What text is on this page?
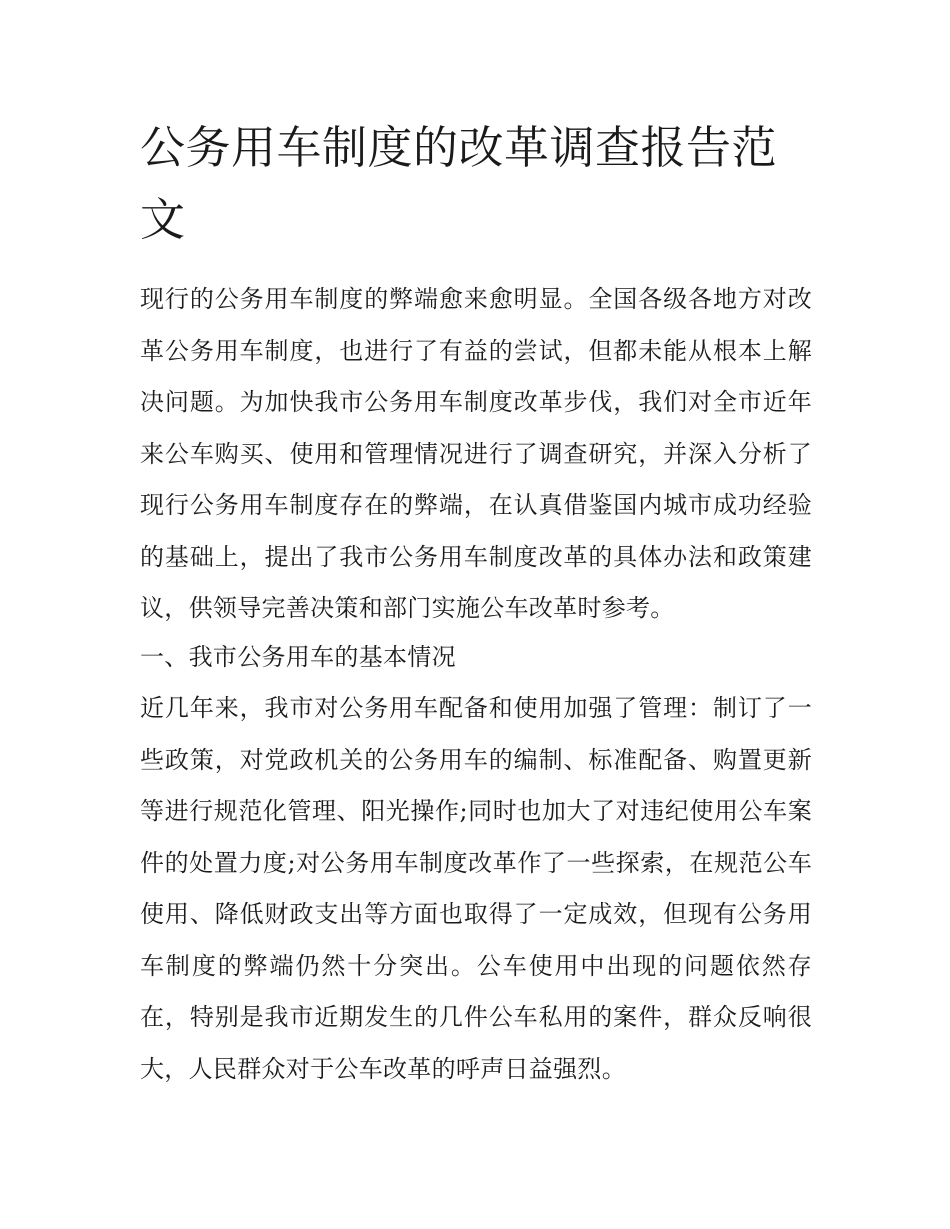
公务用车制度的改革调查报告范文

现行的公务用车制度的弊端愈来愈明显。全国各级各地方对改革公务用车制度，也进行了有益的尝试，但都未能从根本上解决问题。为加快我市公务用车制度改革步伐，我们对全市近年来公车购买、使用和管理情况进行了调查研究，并深入分析了现行公务用车制度存在的弊端，在认真借鉴国内城市成功经验的基础上，提出了我市公务用车制度改革的具体办法和政策建议，供领导完善决策和部门实施公车改革时参考。

一、我市公务用车的基本情况

近几年来，我市对公务用车配备和使用加强了管理：制订了一些政策，对党政机关的公务用车的编制、标准配备、购置更新等进行规范化管理、阳光操作;同时也加大了对违纪使用公车案件的处置力度;对公务用车制度改革作了一些探索，在规范公车使用、降低财政支出等方面也取得了一定成效，但现有公务用车制度的弊端仍然十分突出。公车使用中出现的问题依然存在，特别是我市近期发生的几件公车私用的案件，群众反响很大，人民群众对于公车改革的呼声日益强烈。
